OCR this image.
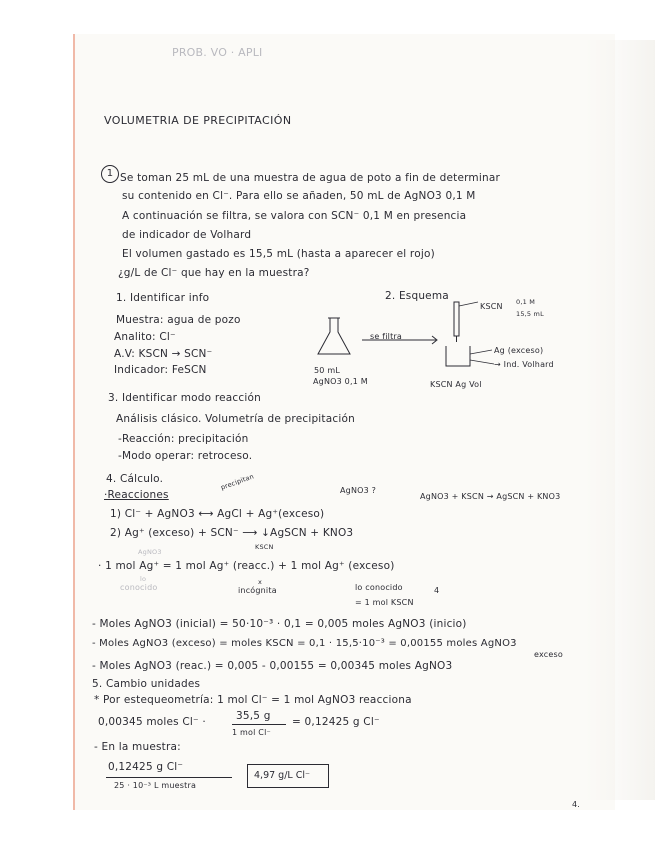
PROB. VO · APLI
VOLUMETRIA DE PRECIPITACIÓN
1 Se toman 25 mL de una muestra de agua de poto a fin de determinar
su contenido en Cl⁻. Para ello se añaden, 50 mL de AgNO3 0,1 M
A continuación se filtra, se valora con SCN⁻ 0,1 M en presencia
de indicador de Volhard
El volumen gastado es 15,5 mL (hasta a aparecer el rojo)
¿g/L de Cl⁻ que hay en la muestra?
1. Identificar info
Muestra: agua de pozo
Analito: Cl⁻
A.V: KSCN → SCN⁻
Indicador: FeSCN
2. Esquema
se filtra
50 mL
AgNO3 0,1 M
KSCN 0,1 M
15,5 mL
Ag (exceso)
→ Ind. Volhard
KSCN Ag Vol
3. Identificar modo reacción
Análisis clásico. Volumetría de precipitación
-Reacción: precipitación
-Modo operar: retroceso.
4. Cálculo.
·Reacciones
precipitan	AgNO3 ?
AgNO3 + KSCN → AgSCN + KNO3
1) Cl⁻ + AgNO3 ⟷ AgCl + Ag⁺(exceso)
2) Ag⁺ (exceso) + SCN⁻ ⟶ ↓AgSCN + KNO3
KSCN
AgNO3
· 1 mol Ag⁺ = 1 mol Ag⁺ (reacc.) + 1 mol Ag⁺ (exceso)
lo
conocido
x
incógnita	lo conocido
= 1 mol KSCN
4
- Moles AgNO3 (inicial) = 50·10⁻³ · 0,1 = 0,005 moles AgNO3 (inicio)
- Moles AgNO3 (exceso) = moles KSCN = 0,1 · 15,5·10⁻³ = 0,00155 moles AgNO3
exceso
- Moles AgNO3 (reac.) = 0,005 - 0,00155 = 0,00345 moles AgNO3
5. Cambio unidades
* Por estequeometría: 1 mol Cl⁻ = 1 mol AgNO3 reacciona
0,00345 moles Cl⁻ ·	35,5 g
1 mol Cl⁻
= 0,12425 g Cl⁻
- En la muestra:
0,12425 g Cl⁻
25 · 10⁻³ L muestra
4,97 g/L Cl⁻
4.
